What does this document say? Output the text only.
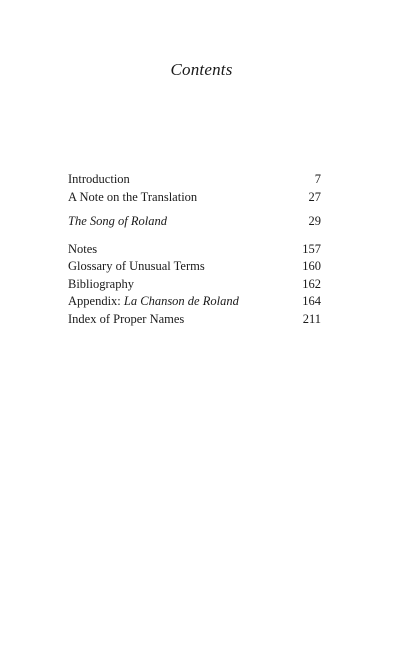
Contents
Introduction	7
A Note on the Translation	27
The Song of Roland	29
Notes	157
Glossary of Unusual Terms	160
Bibliography	162
Appendix: La Chanson de Roland	164
Index of Proper Names	211
